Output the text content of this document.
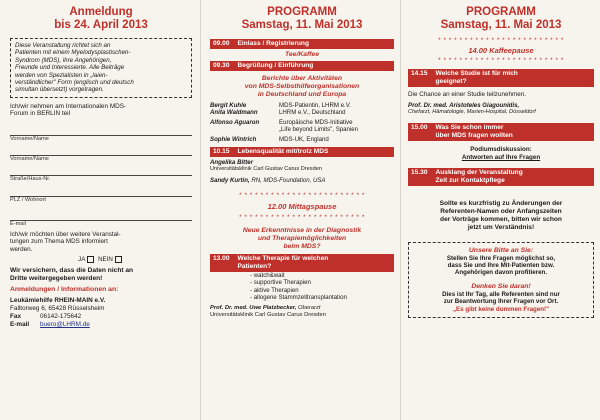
Anmeldung
bis 24. April 2013
Diese Veranstaltung richtet sich an
Patienten mit einem Myelodysplastischen-
Syndrom (MDS), ihre Angehörigen,
Freunde und Interessierte. Alle Beiträge
werden von Spezialisten in „laien-
verständlicher" Form (englisch und deutsch
simultan übersetzt) vorgetragen.
Ich/wir nehmen am Internationalen MDS-
Forum in BERLIN teil
Vorname/Name
Vorname/Name
Straße/Haus-Nr.
PLZ / Wohnort
E-mail
Ich/wir möchten über weitere Veranstal-
tungen zum Thema MDS informiert
werden.
JA NEIN
Wir versichern, dass die Daten nicht an
Dritte weitergegeben werden!
Anmeldungen / Informationen an:
Leukämiehilfe RHEIN-MAIN e.V.
Falltorweg 6, 65428 Rüsselsheim
Fax	06142-175642
E-mail buero@LHRM.de
PROGRAMM
Samstag, 11. Mai 2013
09.00 Einlass / Registrierung
Tee/Kaffee
09.30 Begrüßung / Einführung
Berichte über Aktivitäten
von MDS-Selbsthilfeorganisationen
in Deutschland und Europa
Bergit Kuhle	MDS-Patientin, LHRM e.V.
Anita Waldmann	LHRM e.V., Deutschland
Alfonso Aguaron	Europäische MDS-Initiative
„Life beyond Limits", Spanien
Sophie Wintrich	MDS-UK, England
10.15 Lebensqualität mit/trotz MDS
Angelika Bitter
Universitätsklinik Carl Gustav Carus Dresden
Sandy Kurtin, RN, MDS-Foundation, USA
* * * * * * * * * * * * * * * * * * * * * * * *
12.00 Mittagspause
* * * * * * * * * * * * * * * * * * * * * * * *
Neue Erkenntnisse in der Diagnostik
und Therapiemöglichkeiten
beim MDS?
13.00 Welche Therapie für welchen
Patienten?
- watch&wait
- supportive Therapien
- aktive Therapien
- allogene Stammzelltransplantation
Prof. Dr. med. Uwe Platzbecker, Oberarzt
Universitätsklinik Carl Gustav Carus Dresden
PROGRAMM
Samstag, 11. Mai 2013
* * * * * * * * * * * * * * * * * * * * * * * *
14.00 Kaffeepause
* * * * * * * * * * * * * * * * * * * * * * * *
14.15 Welche Studie ist für mich
geeignet?
Die Chance an einer Studie teilzunehmen.
Prof. Dr. med. Aristoteles Giagounidis,
Chefarzt, Hämatologie, Marien-Hospital, Düsseldorf
15.00 Was Sie schon immer
über MDS fragen wollten
Podiumsdiskussion:
Antworten auf Ihre Fragen
15.30 Ausklang der Veranstaltung
Zeit zur Kontaktpflege
Sollte es kurzfristig zu Änderungen der
Referenten-Namen oder Anfangszeiten
der Vorträge kommen, bitten wir schon
jetzt um Verständnis!
Unsere Bitte an Sie:
Stellen Sie Ihre Fragen möglichst so,
dass Sie und Ihre Mit-Patienten bzw.
Angehörigen davon profitieren.
Denken Sie daran!
Dies ist Ihr Tag, alle Referenten sind nur
zur Beantwortung Ihrer Fragen vor Ort.
„Es gibt keine dummen Fragen!"
